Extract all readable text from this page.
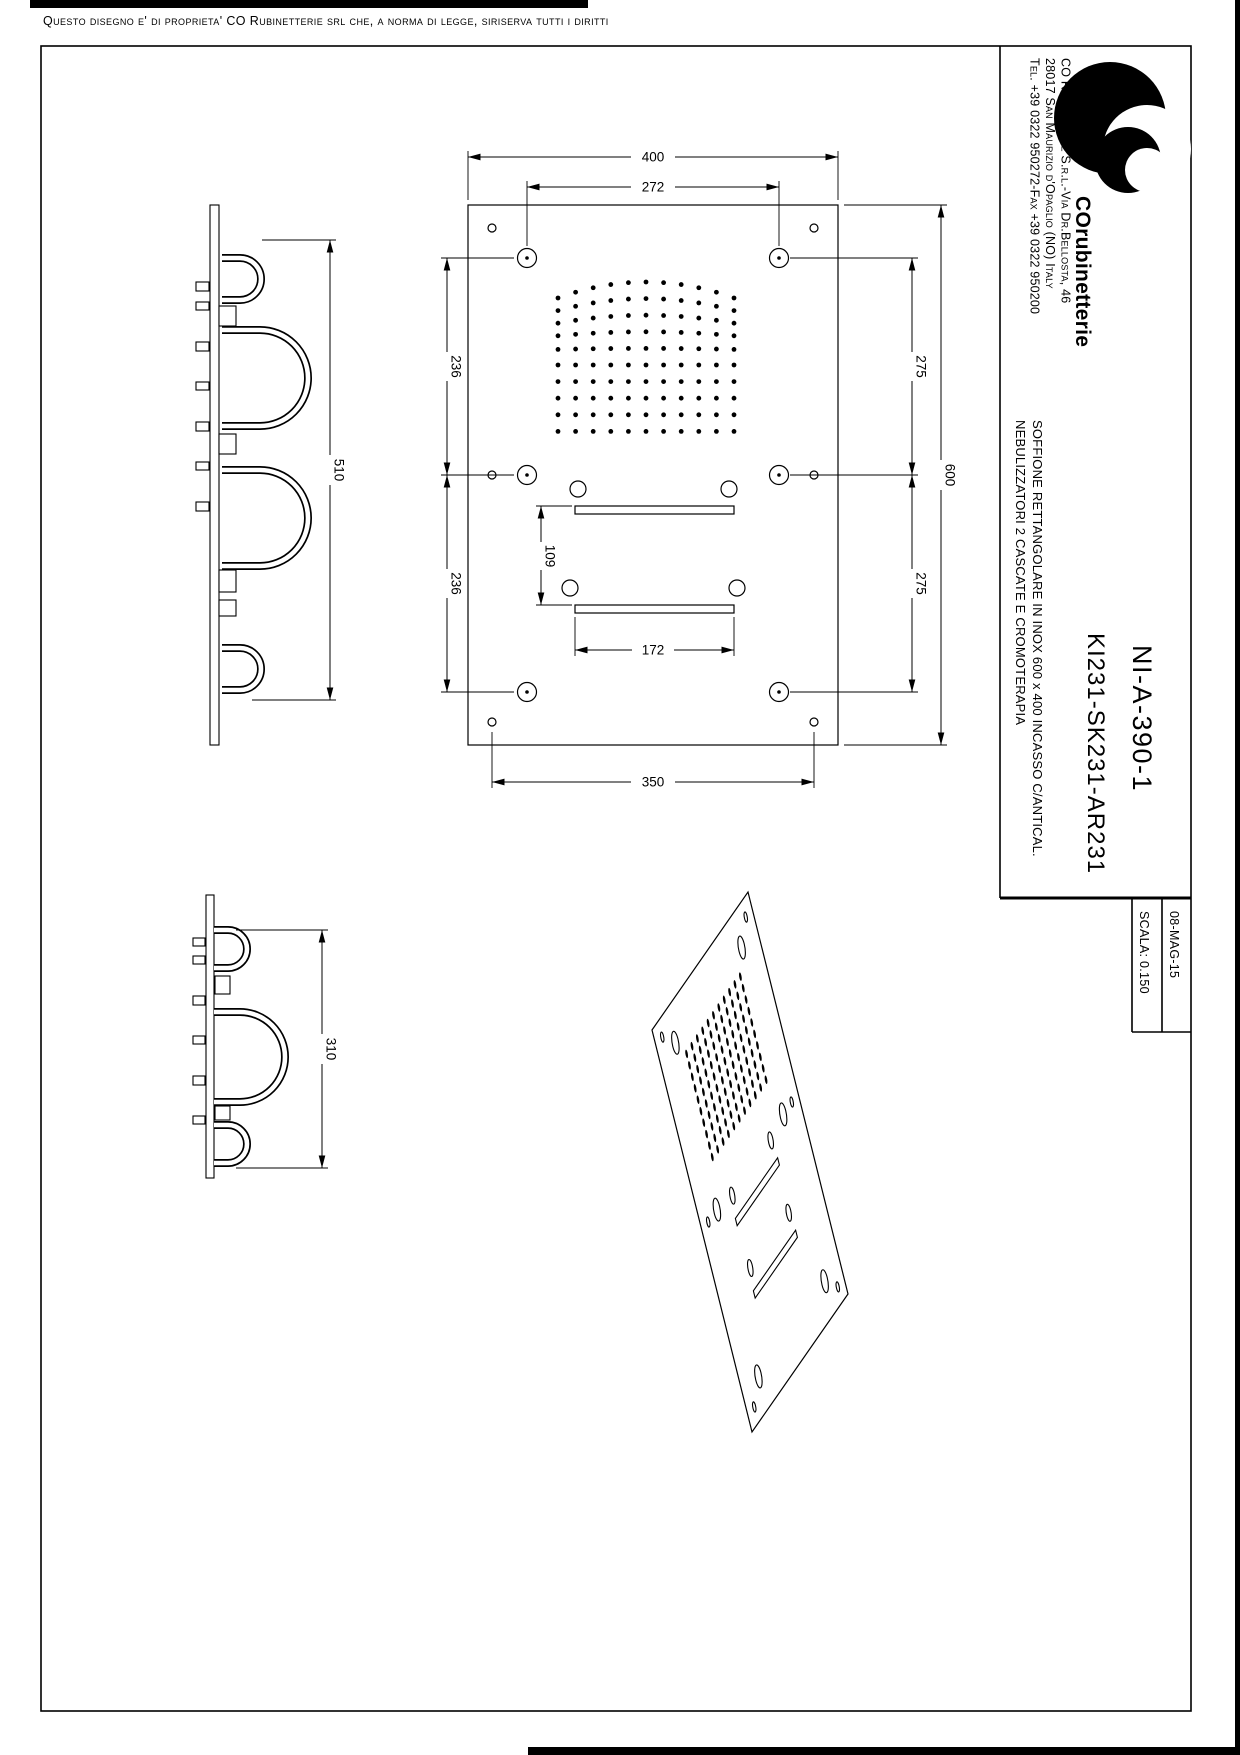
Questo disegno e' di proprieta' CO Rubinetterie srl che, a norma di legge, siriserva tutti i diritti
400
272
236
236
275
275
600
109
172
350
510
310
CO Rubinetterie S.r.l.-Via Dr.Bellosta, 46
28017 San Maurizio d'Opaglio (NO) Italy
Tel. +39 0322 950272-Fax +39 0322 950200 COrubinetterie
SOFFIONE RETTANGOLARE IN INOX 600 x 400 INCASSO C/ANTICAL.
NEBULIZZATORI 2 CASCATE E CROMOTERAPIA
KI231-SK231-AR231 NI-A-390-1
08-MAG-15
SCALA: 0.150
